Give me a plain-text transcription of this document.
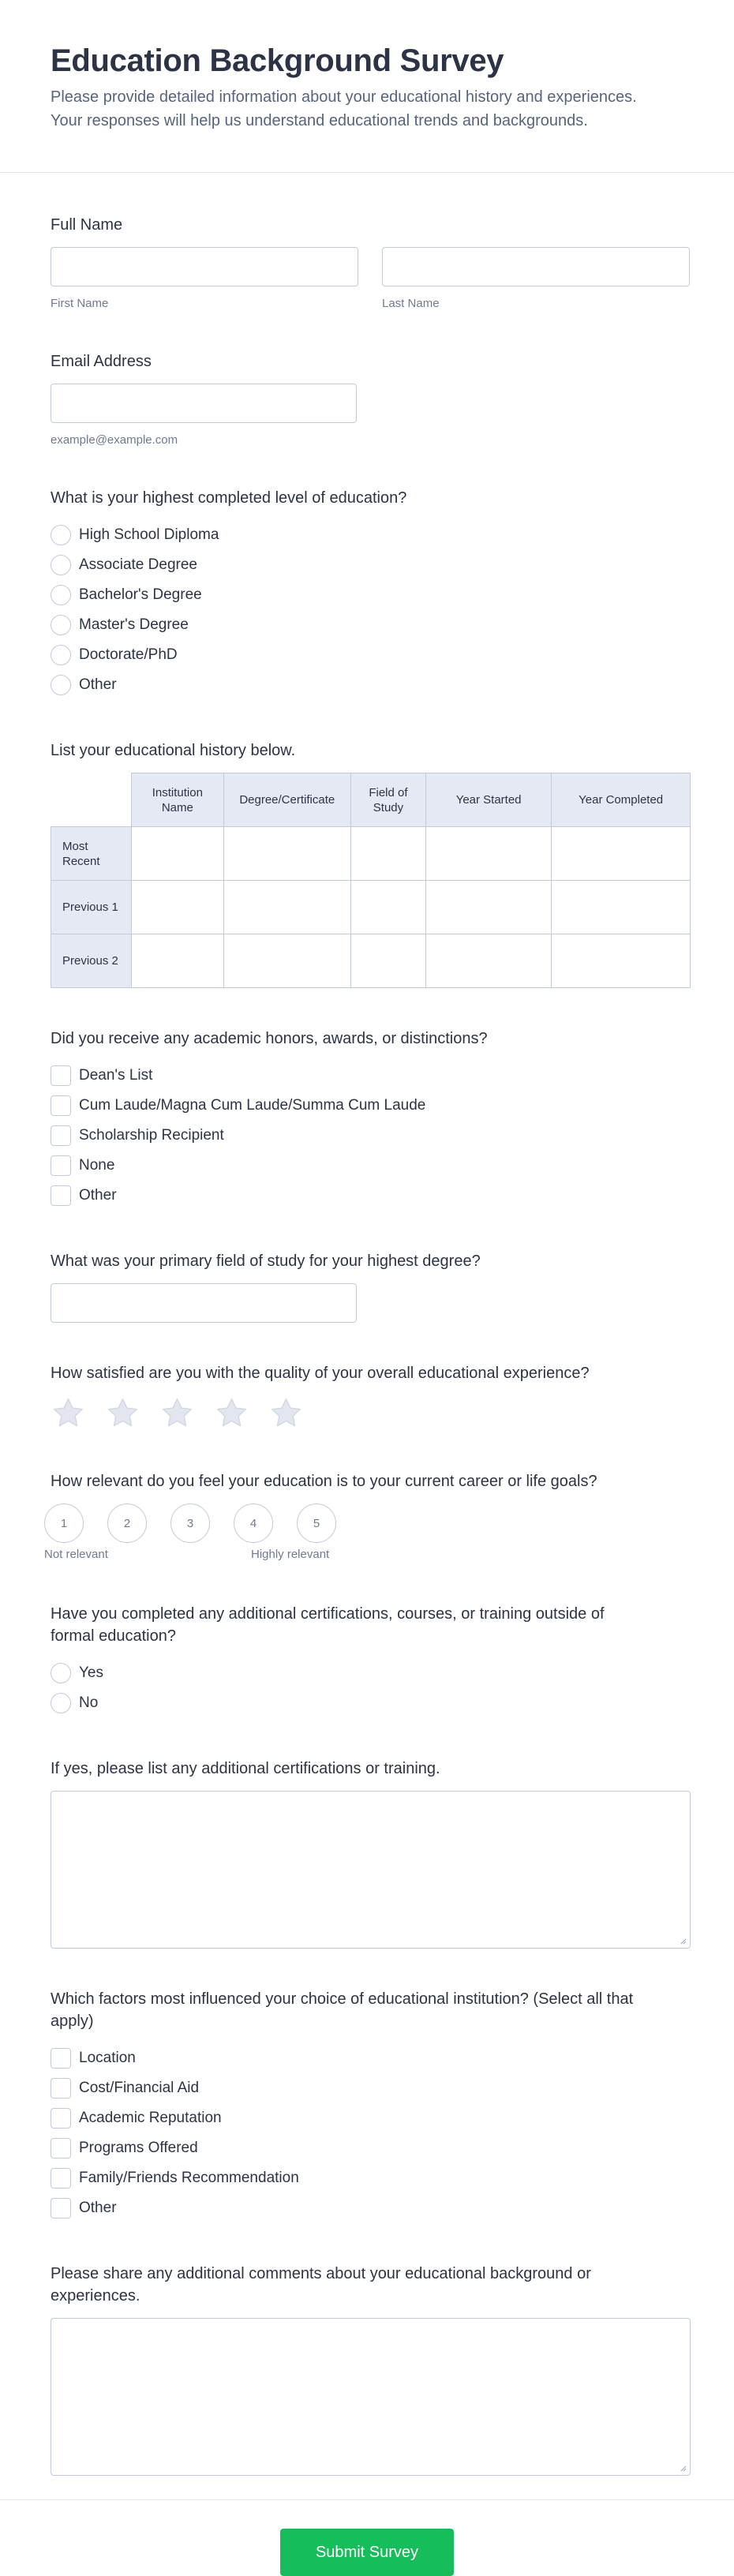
Education Background Survey
Please provide detailed information about your educational history and experiences.
Your responses will help us understand educational trends and backgrounds.
Full Name
First Name	Last Name
Email Address
example@example.com
What is your highest completed level of education?
High School Diploma
Associate Degree
Bachelor's Degree
Master's Degree
Doctorate/PhD
Other
List your educational history below.
	Institution Name	Degree/Certificate	Field of Study	Year Started	Year Completed
Most Recent					
Previous 1					
Previous 2					
Did you receive any academic honors, awards, or distinctions?
Dean's List
Cum Laude/Magna Cum Laude/Summa Cum Laude
Scholarship Recipient
None
Other
What was your primary field of study for your highest degree?
How satisfied are you with the quality of your overall educational experience?
How relevant do you feel your education is to your current career or life goals?
1	2	3	4	5
Not relevant	Highly relevant
Have you completed any additional certifications, courses, or training outside of
formal education?
Yes
No
If yes, please list any additional certifications or training.
Which factors most influenced your choice of educational institution? (Select all that
apply)
Location
Cost/Financial Aid
Academic Reputation
Programs Offered
Family/Friends Recommendation
Other
Please share any additional comments about your educational background or
experiences.
Submit Survey
